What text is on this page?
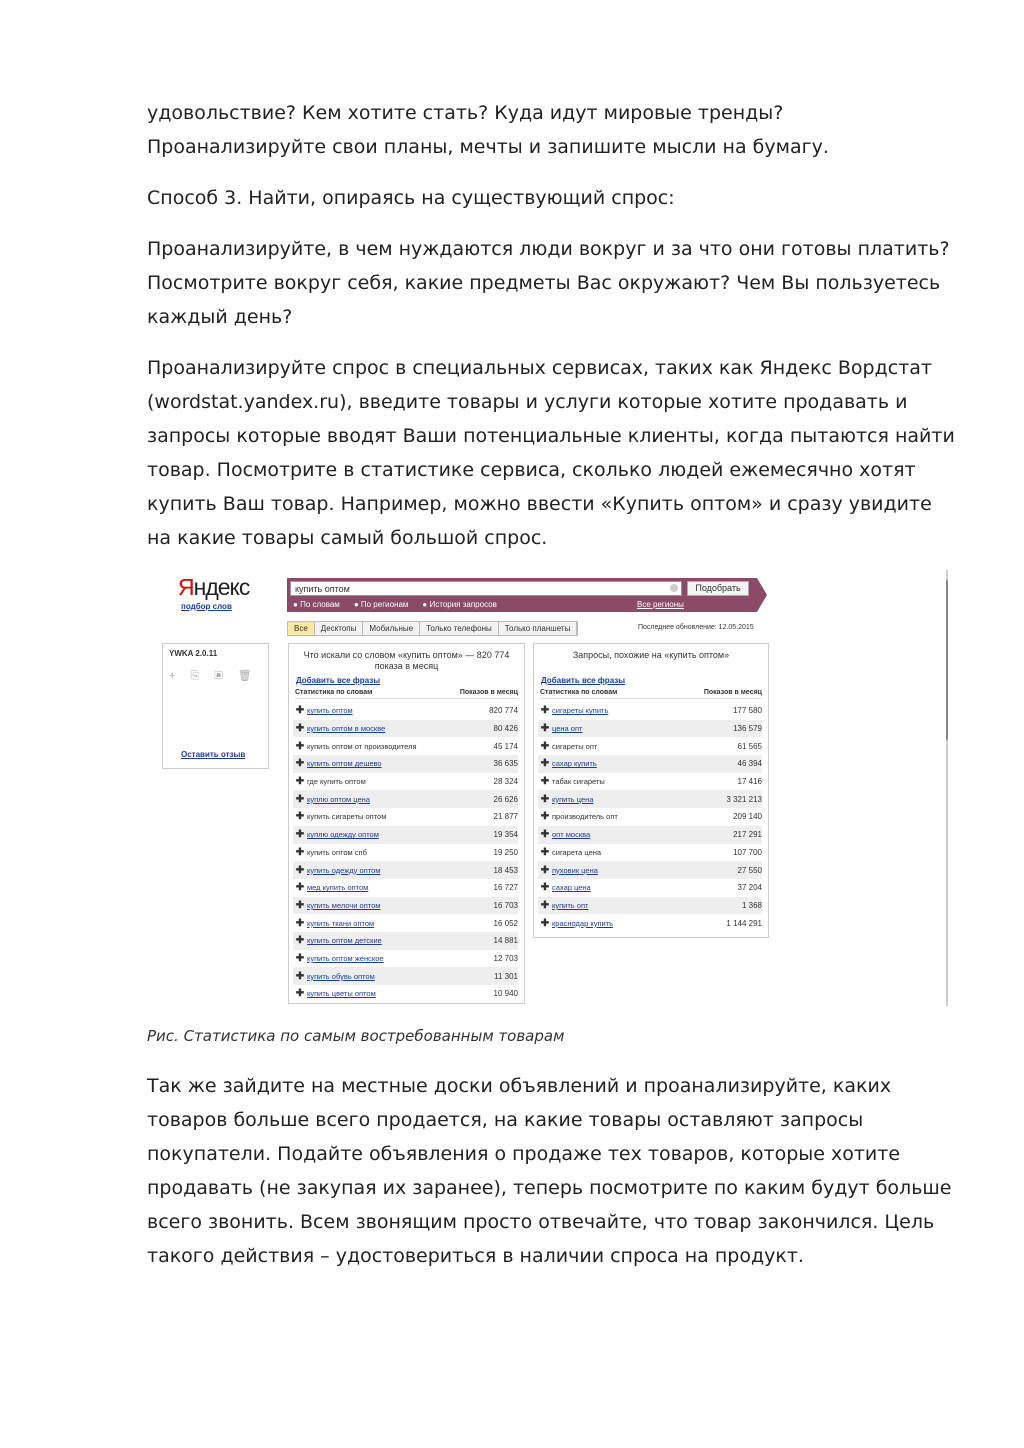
удовольствие? Кем хотите стать? Куда идут мировые тренды? Проанализируйте свои планы, мечты и запишите мысли на бумагу.

Способ 3. Найти, опираясь на существующий спрос:

Проанализируйте, в чем нуждаются люди вокруг и за что они готовы платить? Посмотрите вокруг себя, какие предметы Вас окружают? Чем Вы пользуетесь каждый день?

Проанализируйте спрос в специальных сервисах, таких как Яндекс Вордстат (wordstat.yandex.ru), введите товары и услуги которые хотите продавать и запросы которые вводят Ваши потенциальные клиенты, когда пытаются найти товар. Посмотрите в статистике сервиса, сколько людей ежемесячно хотят купить Ваш товар. Например, можно ввести «Купить оптом» и сразу увидите на какие товары самый большой спрос.

Яндекс
подбор слов
купить оптом	Подобрать
● По словам	● По регионам	● История запросов	Все регионы
Все	Десктопы	Мобильные	Только телефоны	Только планшеты	Последнее обновление: 12.05.2015
YWKA 2.0.11
+ ⎘ ▣ 🗑
Оставить отзыв
Что искали со словом «купить оптом» — 820 774 показа в месяц
Добавить все фразы
Статистика по словам	Показов в месяц
✚ купить оптом	820 774
✚ купить оптом в москве	80 426
✚ купить оптом от производителя	45 174
✚ купить оптом дешево	36 635
✚ где купить оптом	28 324
✚ куплю оптом цена	26 626
✚ купить сигареты оптом	21 877
✚ куплю одежду оптом	19 354
✚ купить оптом спб	19 250
✚ купить одежду оптом	18 453
✚ мед купить оптом	16 727
✚ купить мелочи оптом	16 703
✚ купить ткани оптом	16 052
✚ купить оптом детские	14 881
✚ купить оптом женское	12 703
✚ купить обувь оптом	11 301
✚ купить цветы оптом	10 940
Запросы, похожие на «купить оптом»
Добавить все фразы
Статистика по словам	Показов в месяц
✚ сигареты купить	177 580
✚ цена опт	136 579
✚ сигареты опт	61 565
✚ сахар купить	46 394
✚ табак сигареты	17 416
✚ купить цена	3 321 213
✚ производитель опт	209 140
✚ опт москва	217 291
✚ сигарета цена	107 700
✚ пуховик цена	27 550
✚ сахар цена	37 204
✚ купить опт	1 368
✚ краснодар купить	1 144 291
Рис. Статистика по самым востребованным товарам

Так же зайдите на местные доски объявлений и проанализируйте, каких товаров больше всего продается, на какие товары оставляют запросы покупатели. Подайте объявления о продаже тех товаров, которые хотите продавать (не закупая их заранее), теперь посмотрите по каким будут больше всего звонить. Всем звонящим просто отвечайте, что товар закончился. Цель такого действия – удостовериться в наличии спроса на продукт.
